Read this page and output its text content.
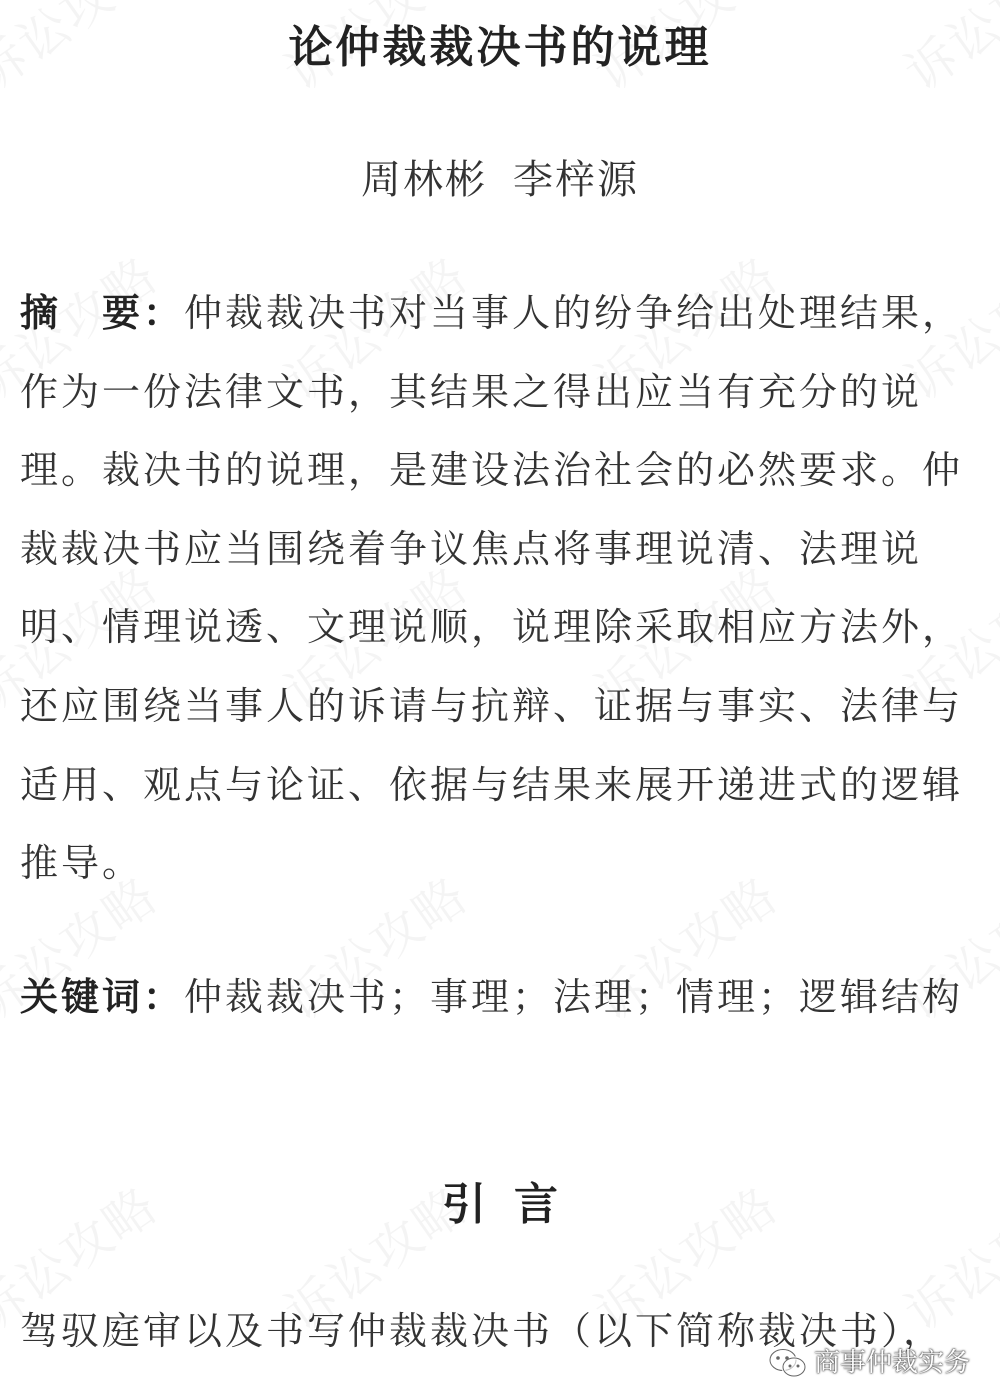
论仲裁裁决书的说理
周林彬 李梓源

摘　要：仲裁裁决书对当事人的纷争给出处理结果，作为一份法律文书，其结果之得出应当有充分的说理。裁决书的说理，是建设法治社会的必然要求。仲裁裁决书应当围绕着争议焦点将事理说清、法理说明、情理说透、文理说顺，说理除采取相应方法外，还应围绕当事人的诉请与抗辩、证据与事实、法律与适用、观点与论证、依据与结果来展开递进式的逻辑推导。

关键词：仲裁裁决书；事理；法理；情理；逻辑结构

引言

驾驭庭审以及书写仲裁裁决书（以下简称裁决书），

商事仲裁实务
